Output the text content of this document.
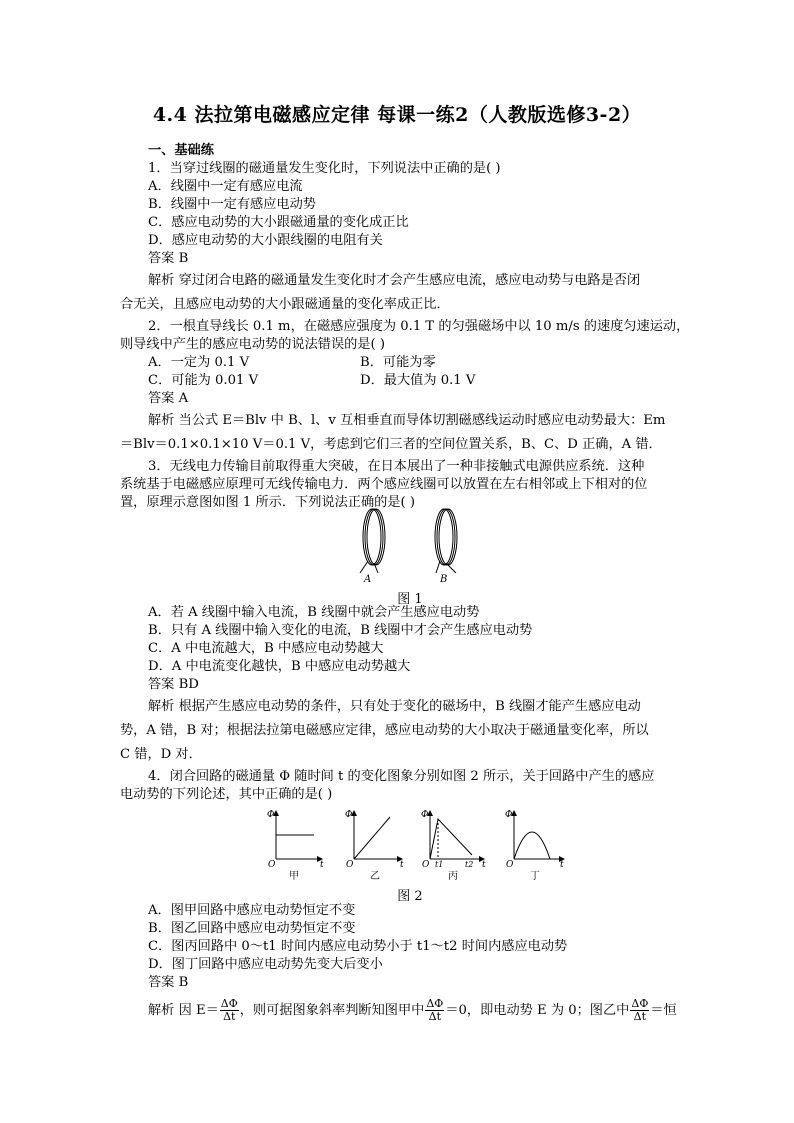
4.4 法拉第电磁感应定律 每课一练2（人教版选修3-2）
一、基础练
1．当穿过线圈的磁通量发生变化时，下列说法中正确的是( )
A．线圈中一定有感应电流
B．线圈中一定有感应电动势
C．感应电动势的大小跟磁通量的变化成正比
D．感应电动势的大小跟线圈的电阻有关
答案 B
解析 穿过闭合电路的磁通量发生变化时才会产生感应电流，感应电动势与电路是否闭
合无关，且感应电动势的大小跟磁通量的变化率成正比．
2．一根直导线长 0.1 m，在磁感应强度为 0.1 T 的匀强磁场中以 10 m/s 的速度匀速运动，
则导线中产生的感应电动势的说法错误的是( )
A．一定为 0.1 V	B．可能为零
C．可能为 0.01 V	D．最大值为 0.1 V
答案 A
解析 当公式 E＝Blv 中 B、l、v 互相垂直而导体切割磁感线运动时感应电动势最大：Em
＝Blv＝0.1×0.1×10 V＝0.1 V，考虑到它们三者的空间位置关系，B、C、D 正确，A 错．
3．无线电力传输目前取得重大突破，在日本展出了一种非接触式电源供应系统．这种
系统基于电磁感应原理可无线传输电力．两个感应线圈可以放置在左右相邻或上下相对的位
置，原理示意图如图 1 所示．下列说法正确的是( )
A	B
图 1
A．若 A 线圈中输入电流，B 线圈中就会产生感应电动势
B．只有 A 线圈中输入变化的电流，B 线圈中才会产生感应电动势
C．A 中电流越大，B 中感应电动势越大
D．A 中电流变化越快，B 中感应电动势越大
答案 BD
解析 根据产生感应电动势的条件，只有处于变化的磁场中，B 线圈才能产生感应电动
势，A 错，B 对；根据法拉第电磁感应定律，感应电动势的大小取决于磁通量变化率，所以
C 错，D 对．
4．闭合回路的磁通量 Φ 随时间 t 的变化图象分别如图 2 所示，关于回路中产生的感应
电动势的下列论述，其中正确的是( )
Φ
O	t
甲
Φ
O	t
乙
Φ
O t1	t2 t
丙
Φ
O	t
丁
图 2
A．图甲回路中感应电动势恒定不变
B．图乙回路中感应电动势恒定不变
C．图丙回路中 0～t1 时间内感应电动势小于 t1～t2 时间内感应电动势
D．图丁回路中感应电动势先变大后变小
答案 B
解析 因 $E= \frac{\Delta\Phi}{\Delta t}$ ，则可据图象斜率判断知图甲中 $\frac{\Delta\Phi}{\Delta t} =0$，即电动势 E 为 0；图乙中 $\frac{\Delta\Phi}{\Delta t}$ ＝恒
